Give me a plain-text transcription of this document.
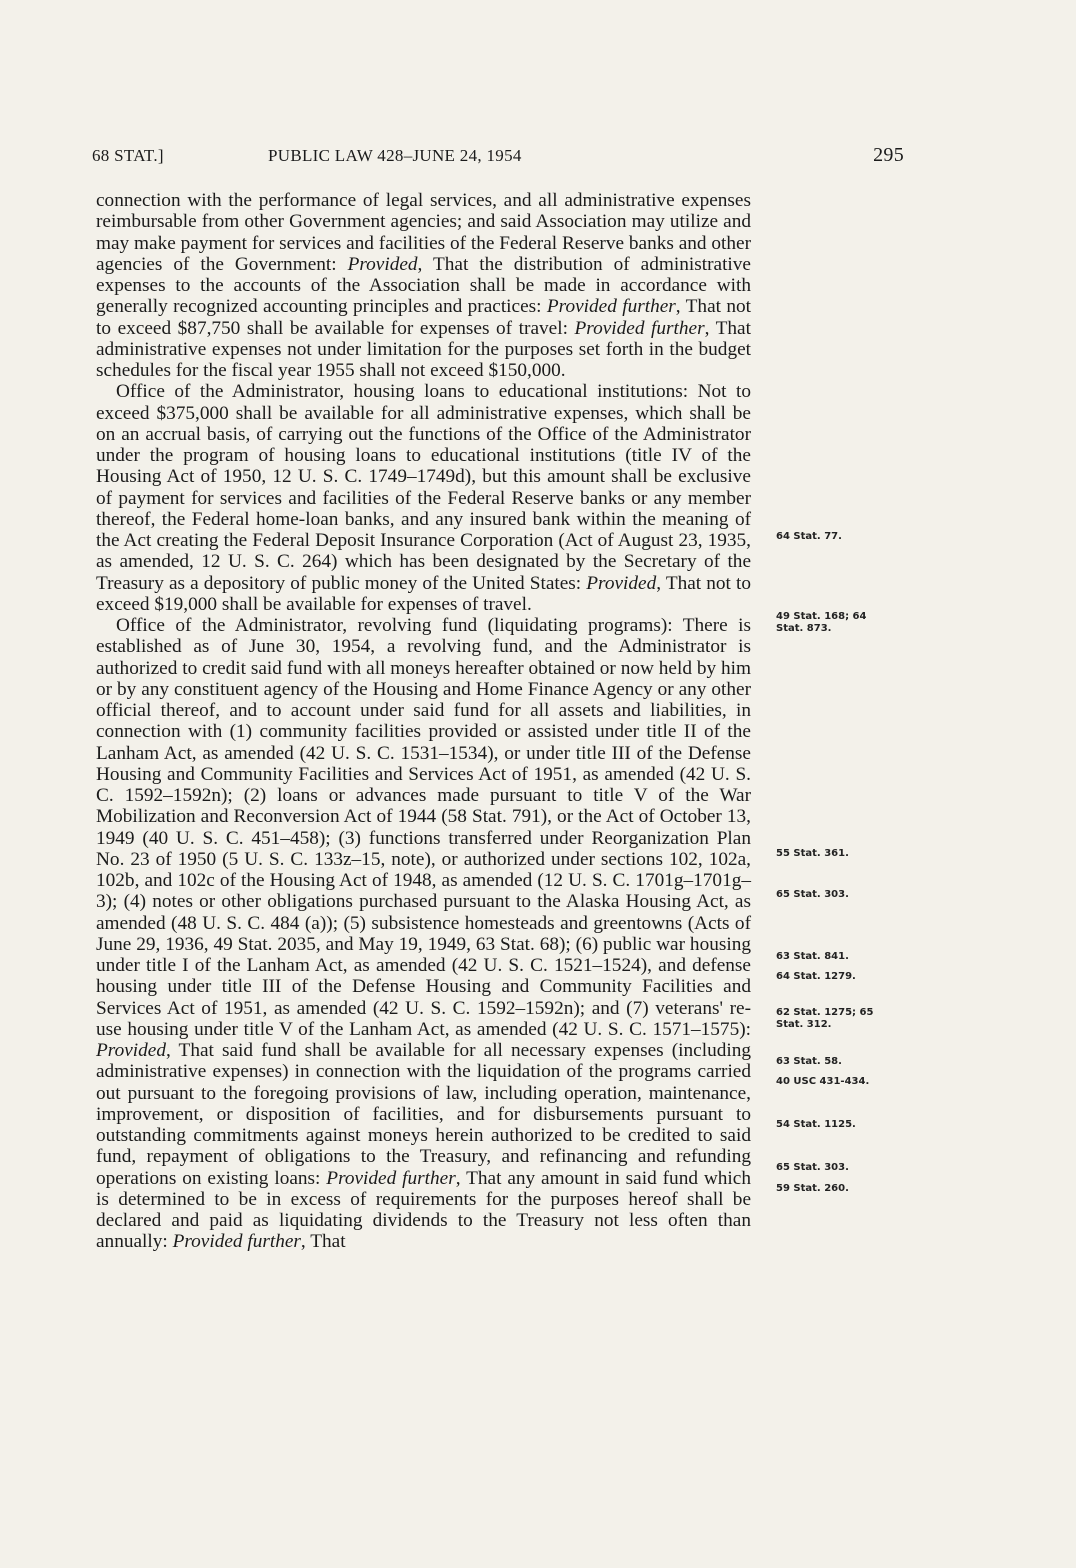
68 STAT.]	PUBLIC LAW 428–JUNE 24, 1954	295

connection with the performance of legal services, and all administrative expenses reimbursable from other Government agencies; and said Association may utilize and may make payment for services and facilities of the Federal Reserve banks and other agencies of the Government: Provided, That the distribution of administrative expenses to the accounts of the Association shall be made in accordance with generally recognized accounting principles and practices: Provided further, That not to exceed $87,750 shall be available for expenses of travel: Provided further, That administrative expenses not under limitation for the purposes set forth in the budget schedules for the fiscal year 1955 shall not exceed $150,000.

Office of the Administrator, housing loans to educational institutions: Not to exceed $375,000 shall be available for all administrative expenses, which shall be on an accrual basis, of carrying out the functions of the Office of the Administrator under the program of housing loans to educational institutions (title IV of the Housing Act of 1950, 12 U. S. C. 1749–1749d), but this amount shall be exclusive of payment for services and facilities of the Federal Reserve banks or any member thereof, the Federal home-loan banks, and any insured bank within the meaning of the Act creating the Federal Deposit Insurance Corporation (Act of August 23, 1935, as amended, 12 U. S. C. 264) which has been designated by the Secretary of the Treasury as a depository of public money of the United States: Provided, That not to exceed $19,000 shall be available for expenses of travel.

Office of the Administrator, revolving fund (liquidating programs): There is established as of June 30, 1954, a revolving fund, and the Administrator is authorized to credit said fund with all moneys hereafter obtained or now held by him or by any constituent agency of the Housing and Home Finance Agency or any other official thereof, and to account under said fund for all assets and liabilities, in connection with (1) community facilities provided or assisted under title II of the Lanham Act, as amended (42 U. S. C. 1531–1534), or under title III of the Defense Housing and Community Facilities and Services Act of 1951, as amended (42 U. S. C. 1592–1592n); (2) loans or advances made pursuant to title V of the War Mobilization and Reconversion Act of 1944 (58 Stat. 791), or the Act of October 13, 1949 (40 U. S. C. 451–458); (3) functions transferred under Reorganization Plan No. 23 of 1950 (5 U. S. C. 133z–15, note), or authorized under sections 102, 102a, 102b, and 102c of the Housing Act of 1948, as amended (12 U. S. C. 1701g–1701g–3); (4) notes or other obligations purchased pursuant to the Alaska Housing Act, as amended (48 U. S. C. 484 (a)); (5) subsistence homesteads and greentowns (Acts of June 29, 1936, 49 Stat. 2035, and May 19, 1949, 63 Stat. 68); (6) public war housing under title I of the Lanham Act, as amended (42 U. S. C. 1521–1524), and defense housing under title III of the Defense Housing and Community Facilities and Services Act of 1951, as amended (42 U. S. C. 1592–1592n); and (7) veterans' re-use housing under title V of the Lanham Act, as amended (42 U. S. C. 1571–1575): Provided, That said fund shall be available for all necessary expenses (including administrative expenses) in connection with the liquidation of the programs carried out pursuant to the foregoing provisions of law, including operation, maintenance, improvement, or disposition of facilities, and for disbursements pursuant to outstanding commitments against moneys herein authorized to be credited to said fund, repayment of obligations to the Treasury, and refinancing and refunding operations on existing loans: Provided further, That any amount in said fund which is determined to be in excess of requirements for the purposes hereof shall be declared and paid as liquidating dividends to the Treasury not less often than annually: Provided further, That

64 Stat. 77.
49 Stat. 168; 64
Stat. 873.
55 Stat. 361.
65 Stat. 303.
63 Stat. 841.
64 Stat. 1279.
62 Stat. 1275; 65
Stat. 312.
63 Stat. 58.
40 USC 431-434.
54 Stat. 1125.
65 Stat. 303.
59 Stat. 260.
